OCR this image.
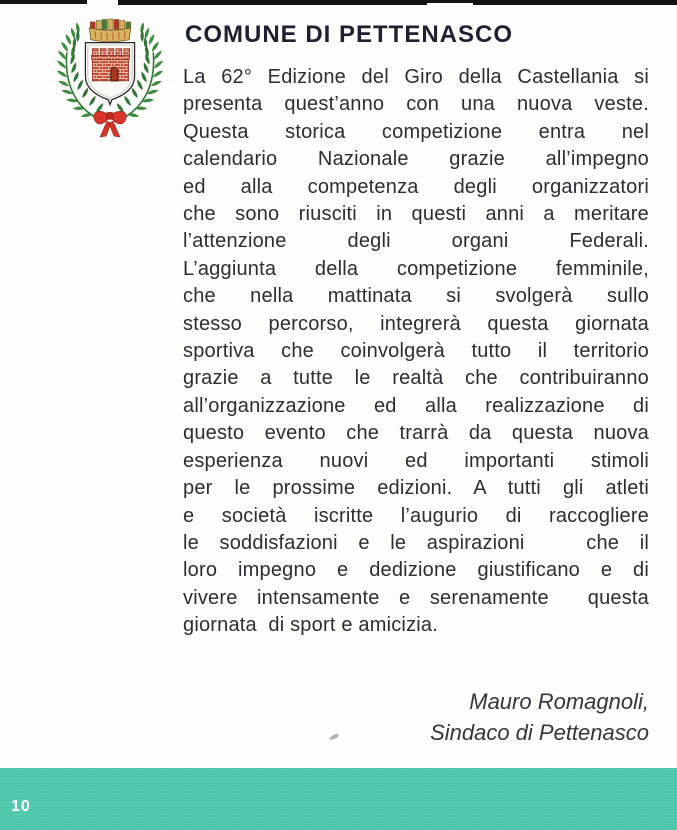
COMUNE DI PETTENASCO
La 62° Edizione del Giro della Castellania si
presenta quest’anno con una nuova veste.
Questa storica competizione entra nel
calendario Nazionale grazie all’impegno
ed alla competenza degli organizzatori
che sono riusciti in questi anni a meritare
l’attenzione degli organi Federali.
L’aggiunta della competizione femminile,
che nella mattinata si svolgerà sullo
stesso percorso, integrerà questa giornata
sportiva che coinvolgerà tutto il territorio
grazie a tutte le realtà che contribuiranno
all’organizzazione ed alla realizzazione di
questo evento che trarrà da questa nuova
esperienza nuovi ed importanti stimoli
per le prossime edizioni. A tutti gli atleti
e società iscritte l’augurio di raccogliere
le soddisfazioni e le aspirazioni   che il
loro impegno e dedizione giustificano e di
vivere intensamente e serenamente  questa
giornata  di sport e amicizia.
Mauro Romagnoli,
Sindaco di Pettenasco
10
